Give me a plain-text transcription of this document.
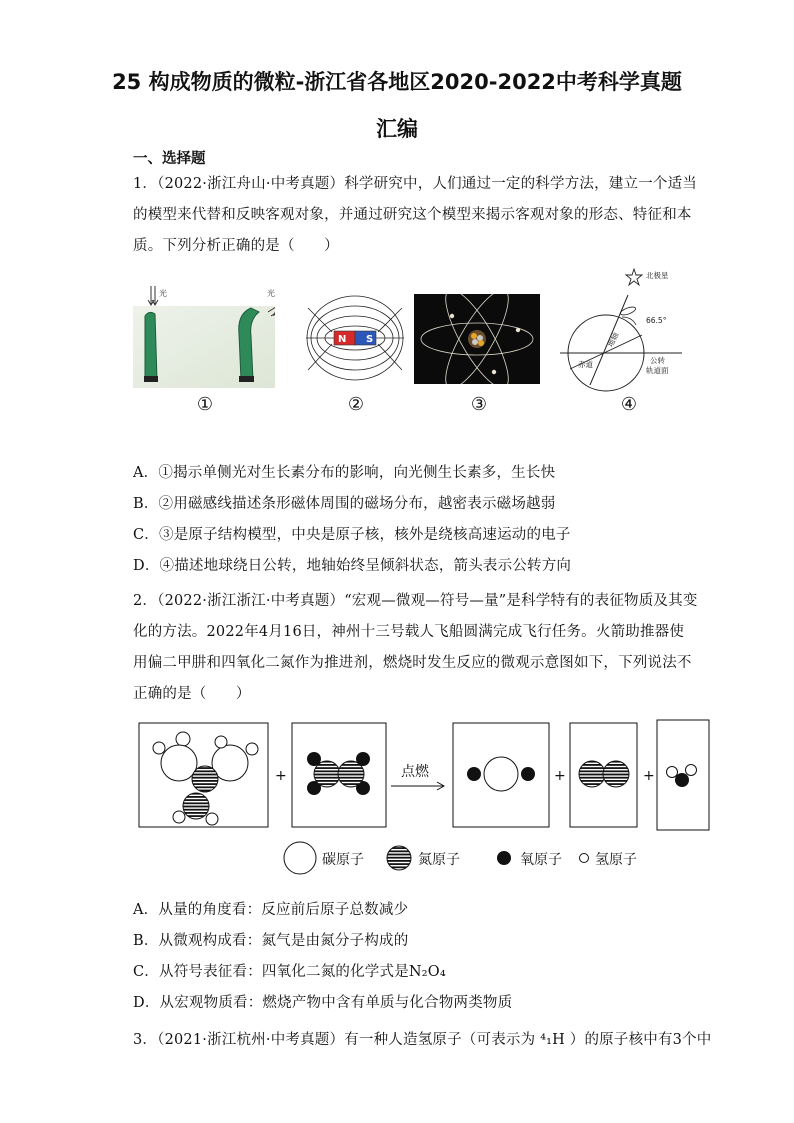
25 构成物质的微粒-浙江省各地区2020-2022中考科学真题
汇编
一、选择题
1．（2022·浙江舟山·中考真题）科学研究中，人们通过一定的科学方法，建立一个适当
的模型来代替和反映客观对象，并通过研究这个模型来揭示客观对象的形态、特征和本
质。下列分析正确的是（　　）
光	光
N S
北极星
66.5°
赤道
地轴
公转
轨道面
①	②	③	④
A．①揭示单侧光对生长素分布的影响，向光侧生长素多，生长快
B．②用磁感线描述条形磁体周围的磁场分布，越密表示磁场越弱
C．③是原子结构模型，中央是原子核，核外是绕核高速运动的电子
D．④描述地球绕日公转，地轴始终呈倾斜状态，箭头表示公转方向
2．（2022·浙江浙江·中考真题）“宏观—微观—符号—量”是科学特有的表征物质及其变
化的方法。2022年4月16日，神州十三号载人飞船圆满完成飞行任务。火箭助推器使
用偏二甲肼和四氧化二氮作为推进剂，燃烧时发生反应的微观示意图如下，下列说法不
正确的是（　　）
+	点燃	+	+
碳原子	氮原子	氧原子 氢原子
A．从量的角度看：反应前后原子总数减少
B．从微观构成看：氮气是由氮分子构成的
C．从符号表征看：四氧化二氮的化学式是N₂O₄
D．从宏观物质看：燃烧产物中含有单质与化合物两类物质
3．（2021·浙江杭州·中考真题）有一种人造氢原子（可表示为 ⁴₁H ）的原子核中有3个中
